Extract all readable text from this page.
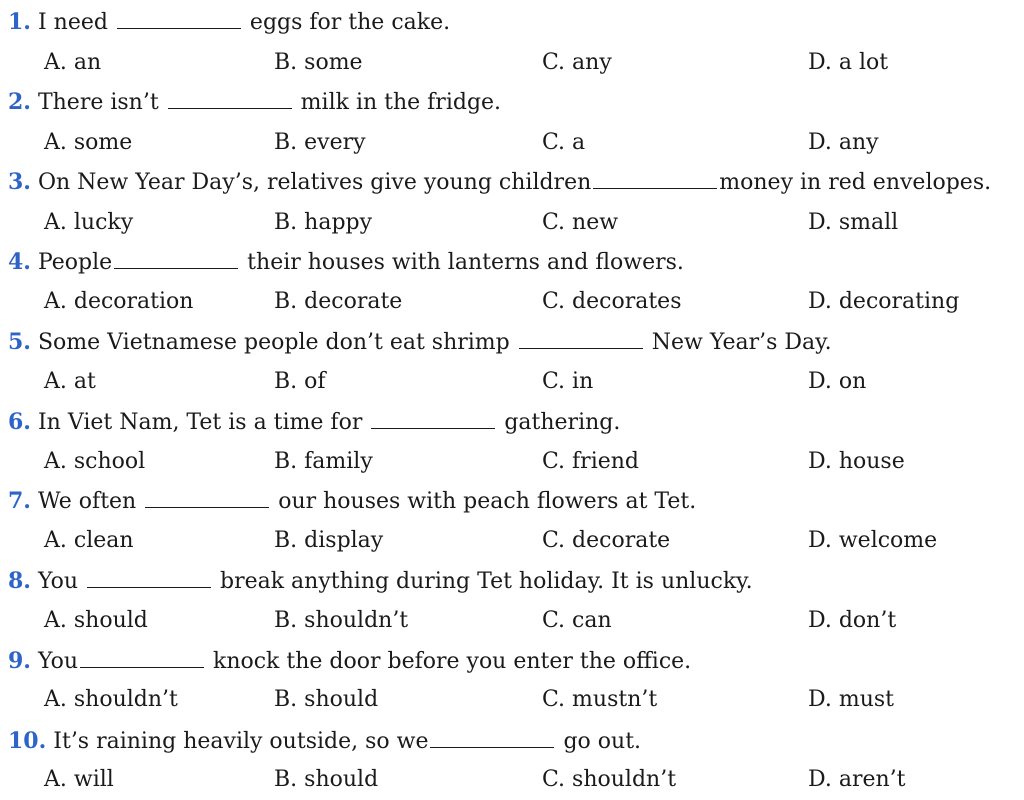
1. I need	eggs for the cake.
A. an	B. some	C. any	D. a lot
2. There isn’t	milk in the fridge.
A. some	B. every	C. a	D. any
3. On New Year Day’s, relatives give young children	money in red envelopes.
A. lucky	B. happy	C. new	D. small
4. People	their houses with lanterns and flowers.
A. decoration	B. decorate	C. decorates	D. decorating
5. Some Vietnamese people don’t eat shrimp	New Year’s Day.
A. at	B. of	C. in	D. on
6. In Viet Nam, Tet is a time for	gathering.
A. school	B. family	C. friend	D. house
7. We often	our houses with peach flowers at Tet.
A. clean	B. display	C. decorate	D. welcome
8. You	break anything during Tet holiday. It is unlucky.
A. should	B. shouldn’t	C. can	D. don’t
9. You	knock the door before you enter the office.
A. shouldn’t	B. should	C. mustn’t	D. must
10. It’s raining heavily outside, so we	go out.
A. will	B. should	C. shouldn’t	D. aren’t
